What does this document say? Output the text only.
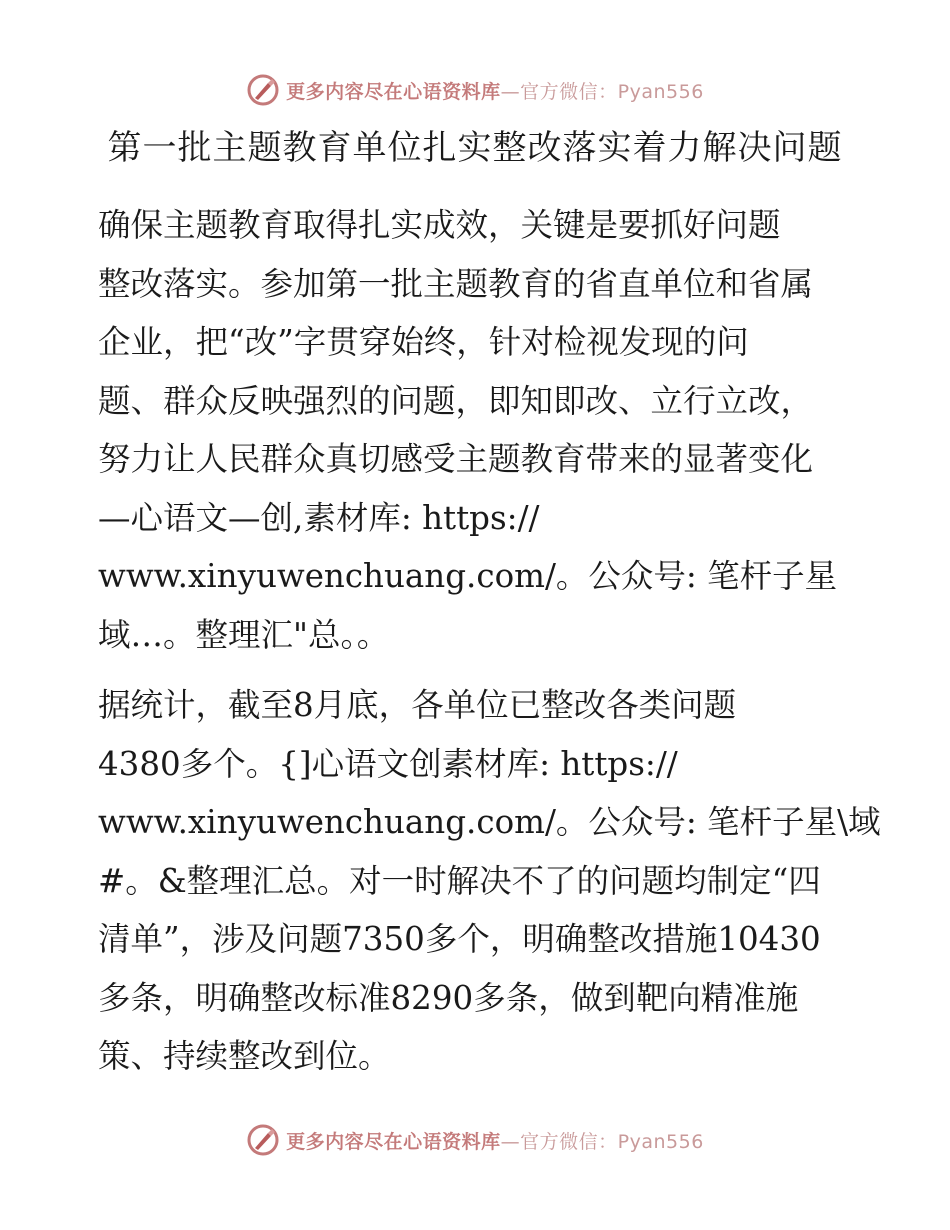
更多内容尽在心语资料库—官方微信：Pyan556
第一批主题教育单位扎实整改落实着力解决问题

确保主题教育取得扎实成效，关键是要抓好问题
整改落实。参加第一批主题教育的省直单位和省属
企业，把“改”字贯穿始终，针对检视发现的问
题、群众反映强烈的问题，即知即改、立行立改，
努力让人民群众真切感受主题教育带来的显著变化
—心语文—创,素材库: https://
www.xinyuwenchuang.com/。公众号: 笔杆子星
域…。整理汇"总。。

据统计，截至8月底，各单位已整改各类问题
4380多个。{]心语文创素材库: https://
www.xinyuwenchuang.com/。公众号: 笔杆子星\域
#。&整理汇总。对一时解决不了的问题均制定“四
清单”，涉及问题7350多个，明确整改措施10430
多条，明确整改标准8290多条，做到靶向精准施
策、持续整改到位。

更多内容尽在心语资料库—官方微信：Pyan556
